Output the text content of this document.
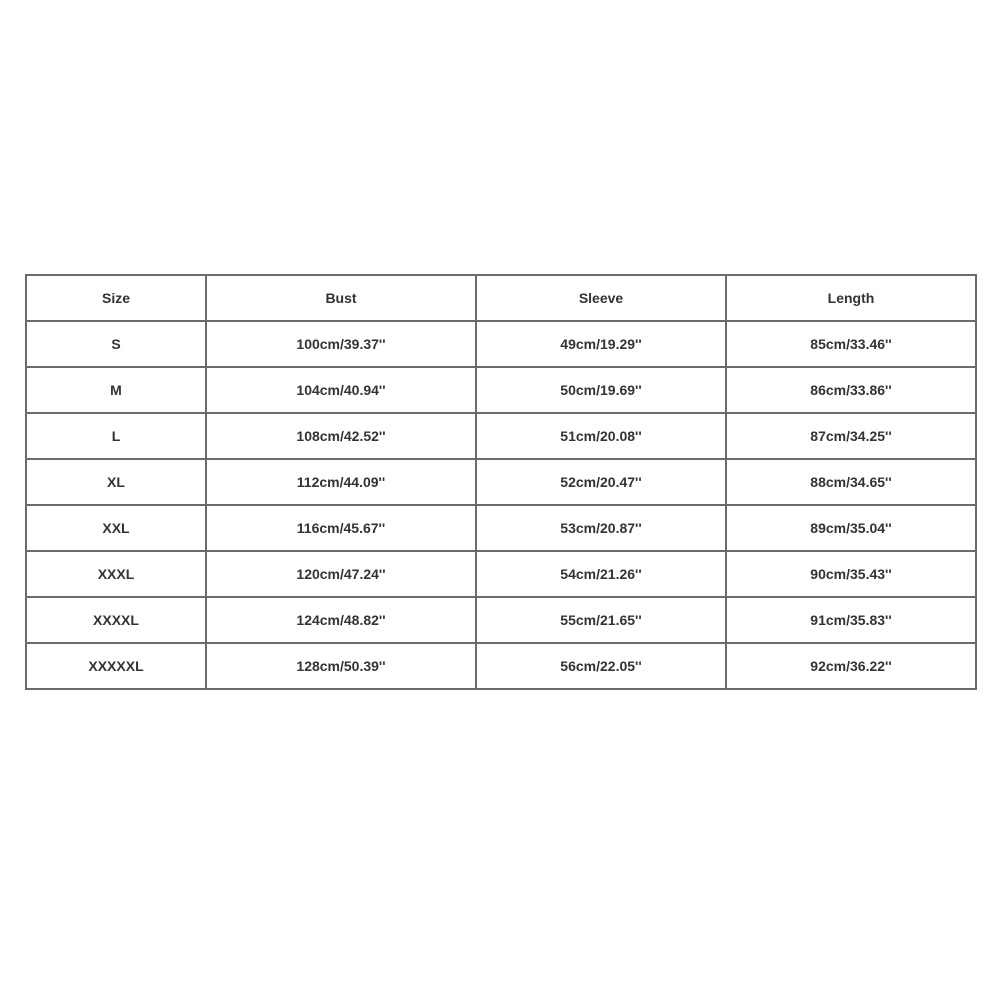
Size	Bust	Sleeve	Length
S	100cm/39.37''	49cm/19.29''	85cm/33.46''
M	104cm/40.94''	50cm/19.69''	86cm/33.86''
L	108cm/42.52''	51cm/20.08''	87cm/34.25''
XL	112cm/44.09''	52cm/20.47''	88cm/34.65''
XXL	116cm/45.67''	53cm/20.87''	89cm/35.04''
XXXL	120cm/47.24''	54cm/21.26''	90cm/35.43''
XXXXL	124cm/48.82''	55cm/21.65''	91cm/35.83''
XXXXXL	128cm/50.39''	56cm/22.05''	92cm/36.22''
